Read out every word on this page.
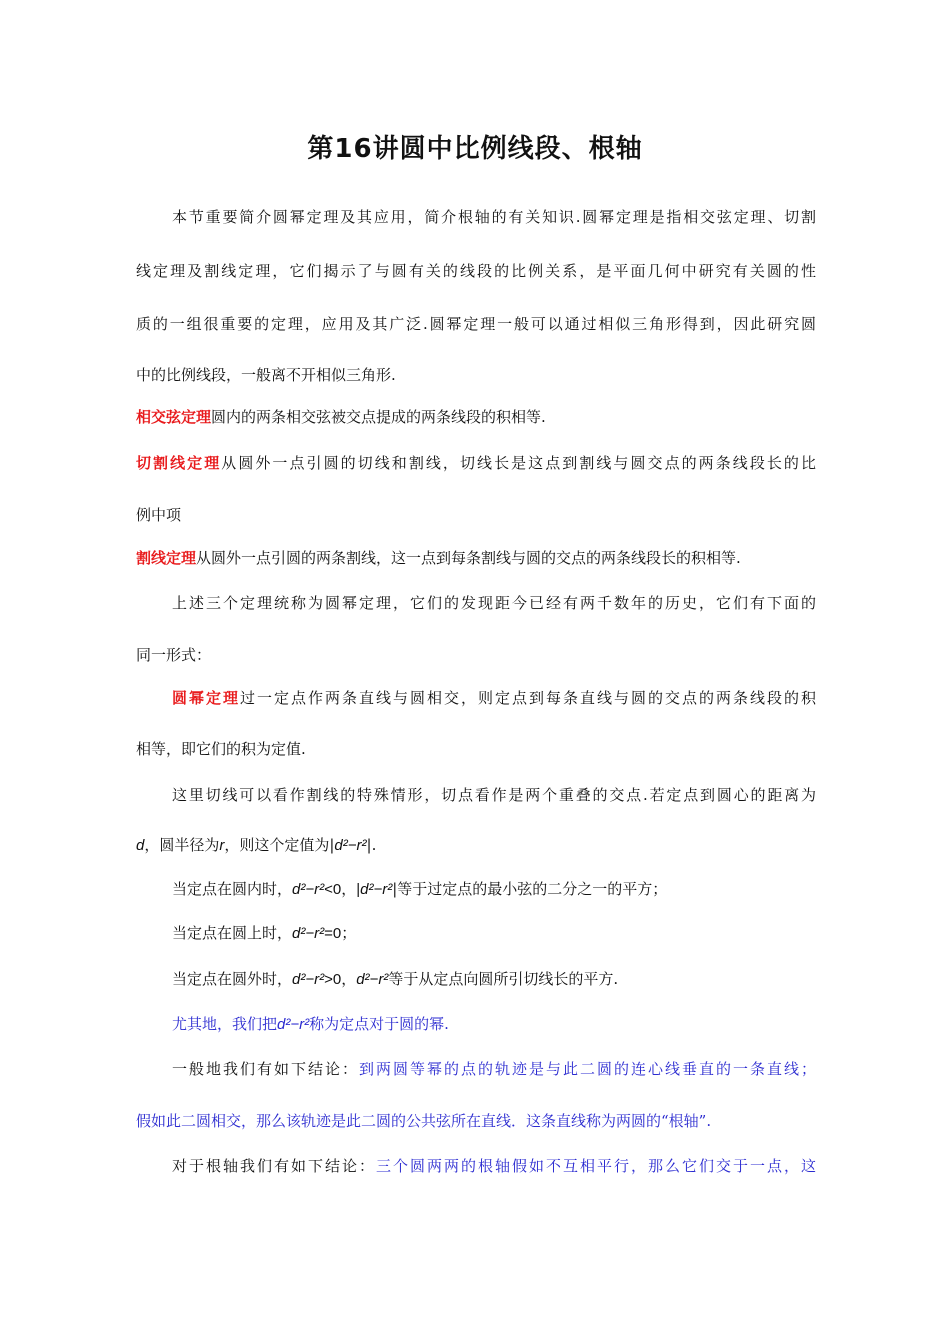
第16讲圆中比例线段、根轴
本节重要简介圆幂定理及其应用，简介根轴的有关知识.圆幂定理是指相交弦定理、切割
线定理及割线定理，它们揭示了与圆有关的线段的比例关系，是平面几何中研究有关圆的性
质的一组很重要的定理，应用及其广泛.圆幂定理一般可以通过相似三角形得到，因此研究圆
中的比例线段，一般离不开相似三角形.
相交弦定理圆内的两条相交弦被交点提成的两条线段的积相等.
切割线定理从圆外一点引圆的切线和割线，切线长是这点到割线与圆交点的两条线段长的比
例中项
割线定理从圆外一点引圆的两条割线，这一点到每条割线与圆的交点的两条线段长的积相等.
上述三个定理统称为圆幂定理，它们的发现距今已经有两千数年的历史，它们有下面的
同一形式：
圆幂定理过一定点作两条直线与圆相交，则定点到每条直线与圆的交点的两条线段的积
相等，即它们的积为定值.
这里切线可以看作割线的特殊情形，切点看作是两个重叠的交点.若定点到圆心的距离为
d，圆半径为r，则这个定值为|d²−r²|.
当定点在圆内时，d²−r²<0，|d²−r²|等于过定点的最小弦的二分之一的平方；
当定点在圆上时，d²−r²=0；
当定点在圆外时，d²−r²>0，d²−r²等于从定点向圆所引切线长的平方.
尤其地，我们把d²−r²称为定点对于圆的幂.
一般地我们有如下结论：到两圆等幂的点的轨迹是与此二圆的连心线垂直的一条直线；
假如此二圆相交，那么该轨迹是此二圆的公共弦所在直线．这条直线称为两圆的“根轴”.
对于根轴我们有如下结论：三个圆两两的根轴假如不互相平行，那么它们交于一点，这
